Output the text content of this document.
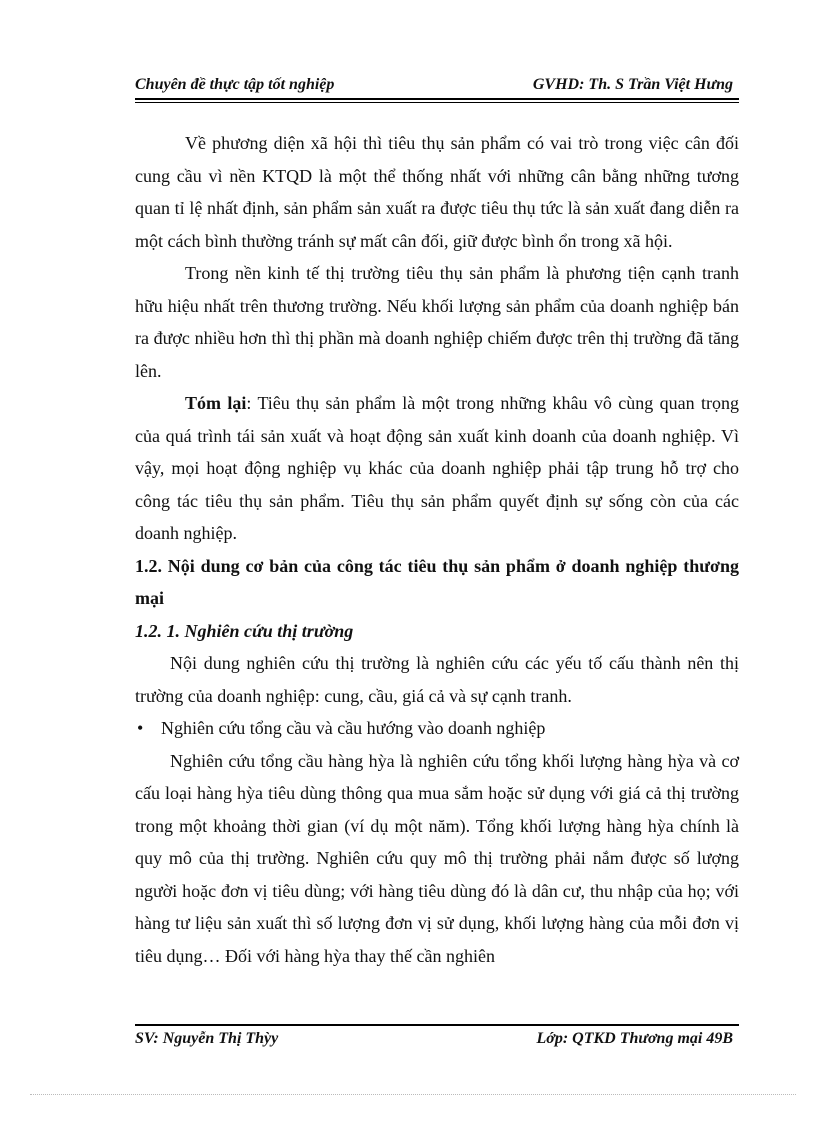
Chuyên đề thực tập tốt nghiệp	GVHD: Th. S Trần Việt Hưng

Về phương diện xã hội thì tiêu thụ sản phẩm có vai trò trong việc cân đối cung cầu vì nền KTQD là một thể thống nhất với những cân bằng những tương quan tỉ lệ nhất định, sản phẩm sản xuất ra được tiêu thụ tức là sản xuất đang diễn ra một cách bình thường tránh sự mất cân đối, giữ được bình ổn trong xã hội.

Trong nền kinh tế thị trường tiêu thụ sản phẩm là phương tiện cạnh tranh hữu hiệu nhất trên thương trường. Nếu khối lượng sản phẩm của doanh nghiệp bán ra được nhiều hơn thì thị phần mà doanh nghiệp chiếm được trên thị trường đã tăng lên.

Tóm lại: Tiêu thụ sản phẩm là một trong những khâu vô cùng quan trọng của quá trình tái sản xuất và hoạt động sản xuất kinh doanh của doanh nghiệp. Vì vậy, mọi hoạt động nghiệp vụ khác của doanh nghiệp phải tập trung hỗ trợ cho công tác tiêu thụ sản phẩm. Tiêu thụ sản phẩm quyết định sự sống còn của các doanh nghiệp.

1.2. Nội dung cơ bản của công tác tiêu thụ sản phẩm ở doanh nghiệp thương mại

1.2. 1. Nghiên cứu thị trường

Nội dung nghiên cứu thị trường là nghiên cứu các yếu tố cấu thành nên thị trường của doanh nghiệp: cung, cầu, giá cả và sự cạnh tranh.

• Nghiên cứu tổng cầu và cầu hướng vào doanh nghiệp

Nghiên cứu tổng cầu hàng hỳa là nghiên cứu tổng khối lượng hàng hỳa và cơ cấu loại hàng hỳa tiêu dùng thông qua mua sắm hoặc sử dụng với giá cả thị trường trong một khoảng thời gian (ví dụ một năm). Tổng khối lượng hàng hỳa chính là quy mô của thị trường. Nghiên cứu quy mô thị trường phải nắm được số lượng người hoặc đơn vị tiêu dùng; với hàng tiêu dùng đó là dân cư, thu nhập của họ; với hàng tư liệu sản xuất thì số lượng đơn vị sử dụng, khối lượng hàng của mỗi đơn vị tiêu dụng… Đối với hàng hỳa thay thế cần nghiên

SV: Nguyễn Thị Thỳy	Lớp: QTKD Thương mại 49B
